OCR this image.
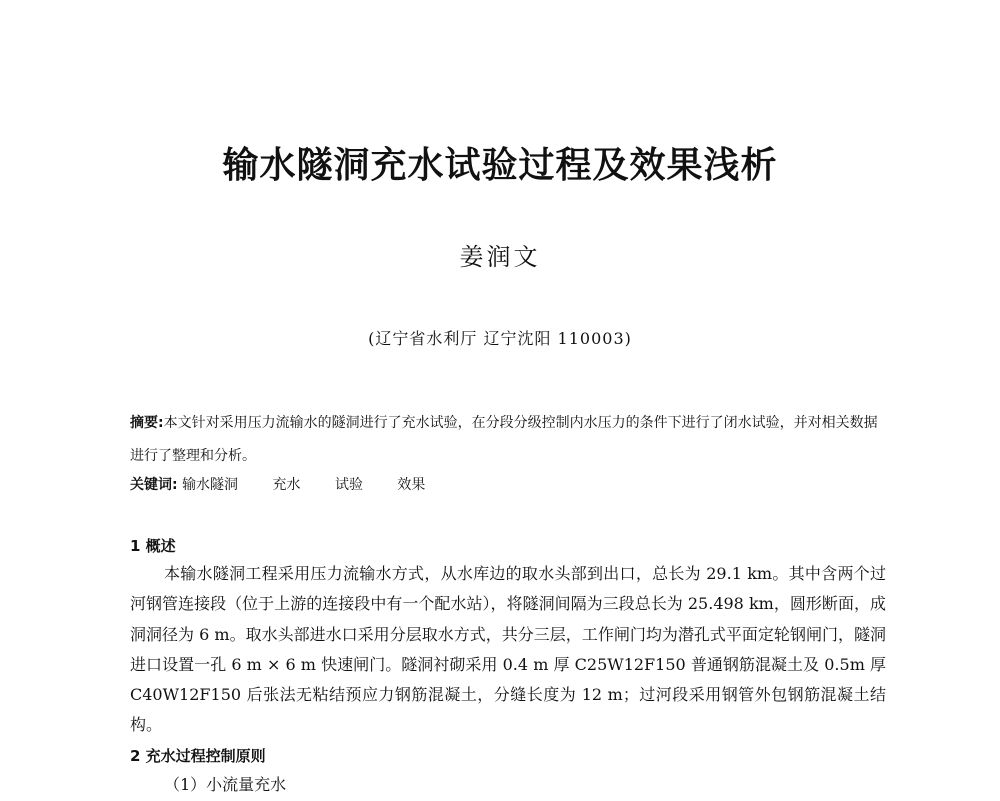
输水隧洞充水试验过程及效果浅析
姜润文
(辽宁省水利厅 辽宁沈阳 110003)
摘要:本文针对采用压力流输水的隧洞进行了充水试验，在分段分级控制内水压力的条件下进行了闭水试验，并对相关数据进行了整理和分析。
关键词: 输水隧洞 充水 试验 效果
1 概述
本输水隧洞工程采用压力流输水方式，从水库边的取水头部到出口，总长为 29.1 km。其中含两个过河钢管连接段（位于上游的连接段中有一个配水站），将隧洞间隔为三段总长为 25.498 km，圆形断面，成洞洞径为 6 m。取水头部进水口采用分层取水方式，共分三层，工作闸门均为潜孔式平面定轮钢闸门，隧洞进口设置一孔 6 m × 6 m 快速闸门。隧洞衬砌采用 0.4 m 厚 C25W12F150 普通钢筋混凝土及 0.5m 厚 C40W12F150 后张法无粘结预应力钢筋混凝土，分缝长度为 12 m；过河段采用钢管外包钢筋混凝土结构。
2 充水过程控制原则
（1）小流量充水
